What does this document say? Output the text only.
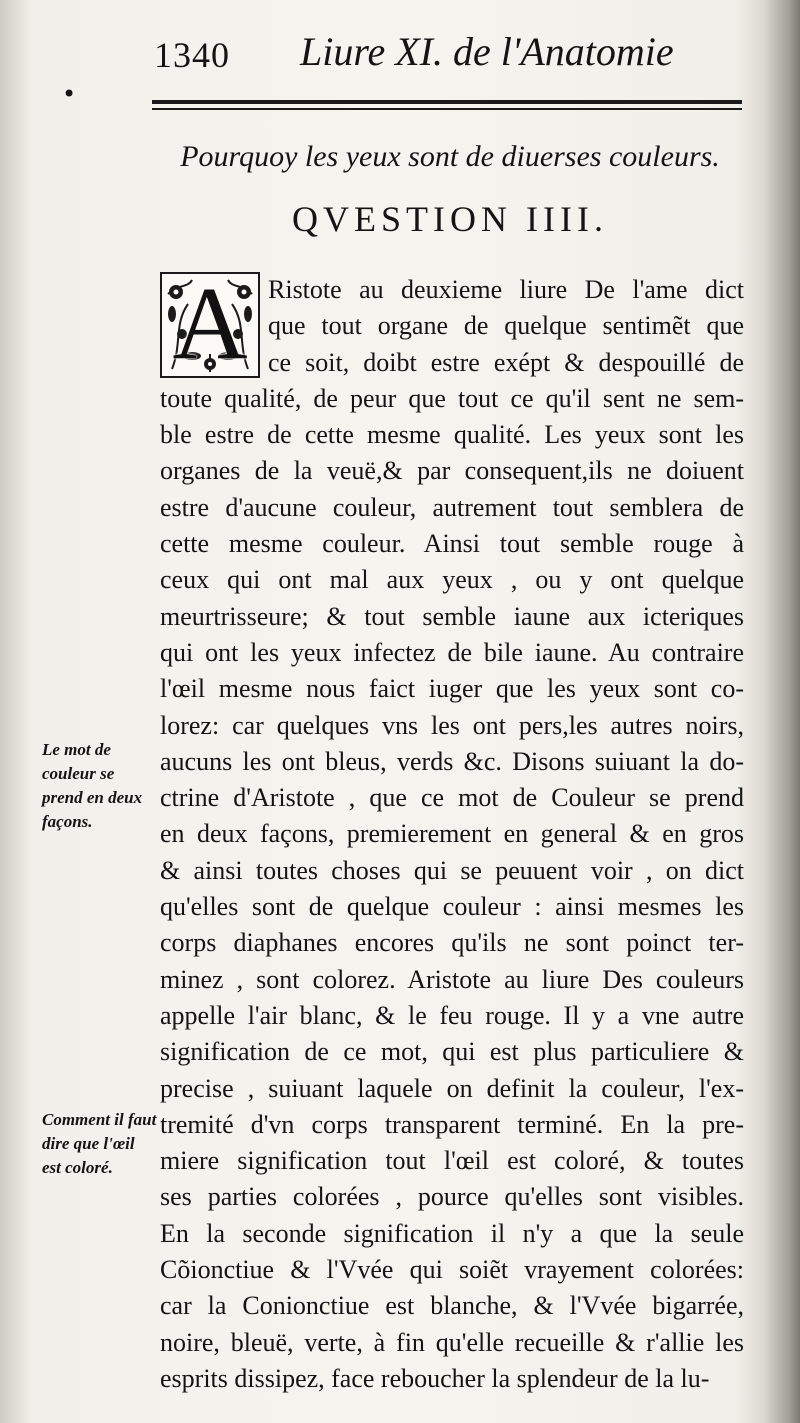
•
1340 Liure XI. de l'Anatomie
Pourquoy les yeux sont de diuerses couleurs.
QVESTION IIII.
Ristote au deuxieme liure De l'ame dict
que tout organe de quelque sentimẽt que
ce soit, doibt estre exépt & despouillé de
toute qualité, de peur que tout ce qu'il sent ne sem-
ble estre de cette mesme qualité. Les yeux sont les
organes de la veuë,& par consequent,ils ne doiuent
estre d'aucune couleur, autrement tout semblera de
cette mesme couleur. Ainsi tout semble rouge à
ceux qui ont mal aux yeux , ou y ont quelque
meurtrisseure; & tout semble iaune aux icteriques
qui ont les yeux infectez de bile iaune. Au contraire
l'œil mesme nous faict iuger que les yeux sont co-
lorez: car quelques vns les ont pers,les autres noirs,
aucuns les ont bleus, verds &c. Disons suiuant la do-
ctrine d'Aristote , que ce mot de Couleur se prend
en deux façons, premierement en general & en gros
& ainsi toutes choses qui se peuuent voir , on dict
qu'elles sont de quelque couleur : ainsi mesmes les
corps diaphanes encores qu'ils ne sont poinct ter-
minez , sont colorez. Aristote au liure Des couleurs
appelle l'air blanc, & le feu rouge. Il y a vne autre
signification de ce mot, qui est plus particuliere &
precise , suiuant laquele on definit la couleur, l'ex-
tremité d'vn corps transparent terminé. En la pre-
miere signification tout l'œil est coloré, & toutes
ses parties colorées , pource qu'elles sont visibles.
En la seconde signification il n'y a que la seule
Cõionctiue & l'Vvée qui soiẽt vrayement colorées:
car la Conionctiue est blanche, & l'Vvée bigarrée,
noire, bleuë, verte, à fin qu'elle recueille & r'allie les
esprits dissipez, face reboucher la splendeur de la lu-
A
Le mot de couleur se prend en deux façons.
Comment il faut dire que l'œil est coloré.
